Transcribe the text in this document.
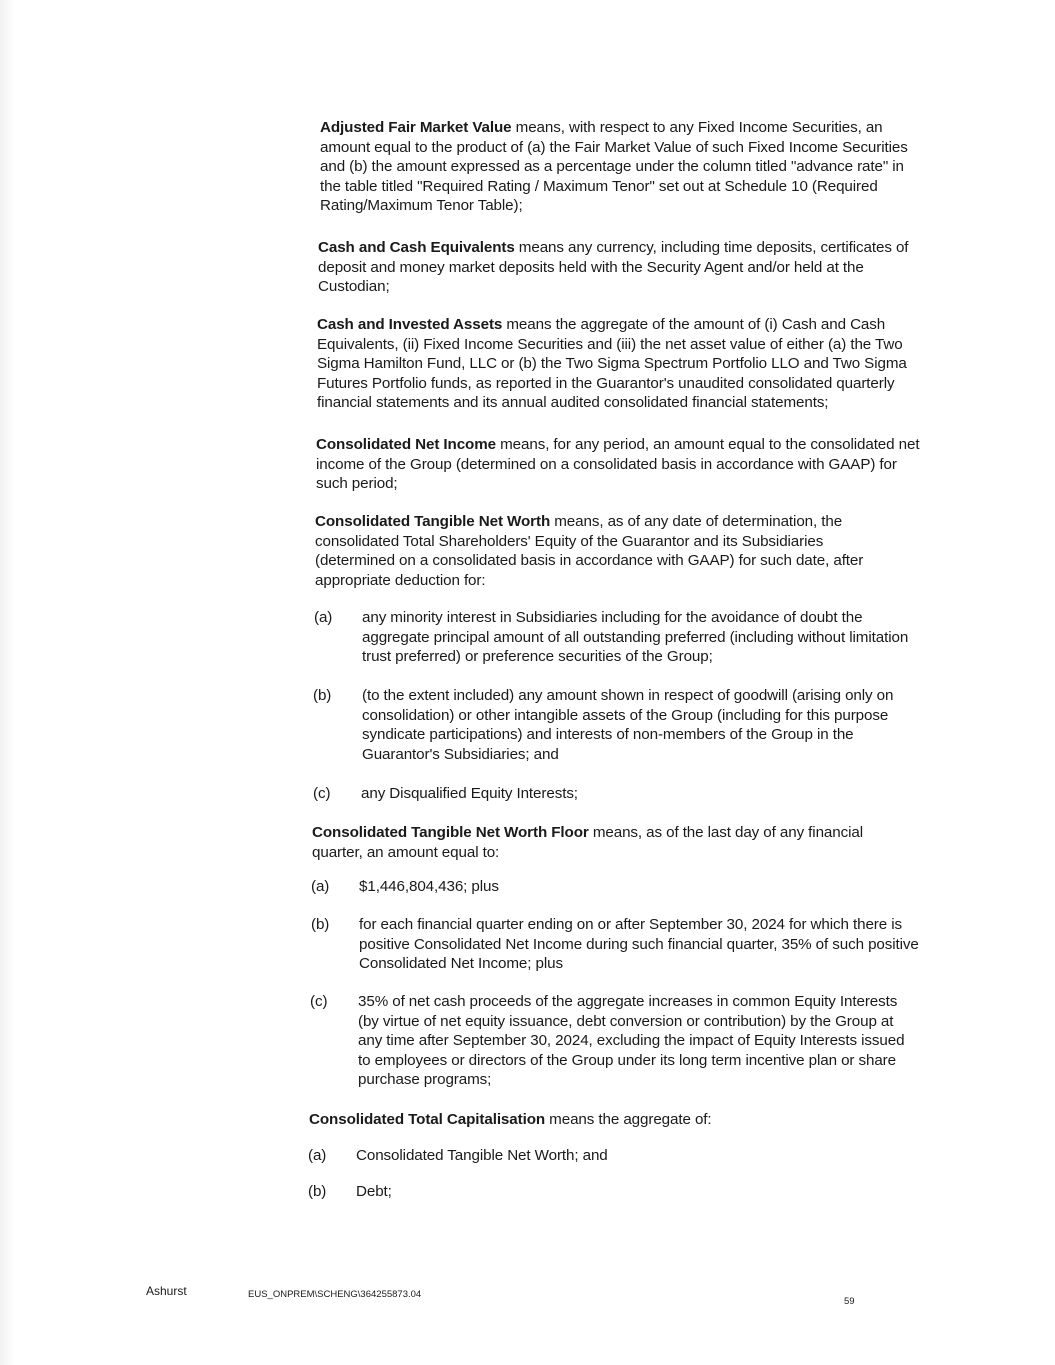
Adjusted Fair Market Value means, with respect to any Fixed Income Securities, an amount equal to the product of (a) the Fair Market Value of such Fixed Income Securities and (b) the amount expressed as a percentage under the column titled "advance rate" in the table titled "Required Rating / Maximum Tenor" set out at Schedule 10 (Required Rating/Maximum Tenor Table);
Cash and Cash Equivalents means any currency, including time deposits, certificates of deposit and money market deposits held with the Security Agent and/or held at the Custodian;
Cash and Invested Assets means the aggregate of the amount of (i) Cash and Cash Equivalents, (ii) Fixed Income Securities and (iii) the net asset value of either (a) the Two Sigma Hamilton Fund, LLC or (b) the Two Sigma Spectrum Portfolio LLO and Two Sigma Futures Portfolio funds, as reported in the Guarantor's unaudited consolidated quarterly financial statements and its annual audited consolidated financial statements;
Consolidated Net Income means, for any period, an amount equal to the consolidated net income of the Group (determined on a consolidated basis in accordance with GAAP) for such period;
Consolidated Tangible Net Worth means, as of any date of determination, the consolidated Total Shareholders' Equity of the Guarantor and its Subsidiaries (determined on a consolidated basis in accordance with GAAP) for such date, after appropriate deduction for:
(a) any minority interest in Subsidiaries including for the avoidance of doubt the aggregate principal amount of all outstanding preferred (including without limitation trust preferred) or preference securities of the Group;
(b) (to the extent included) any amount shown in respect of goodwill (arising only on consolidation) or other intangible assets of the Group (including for this purpose syndicate participations) and interests of non-members of the Group in the Guarantor's Subsidiaries; and
(c) any Disqualified Equity Interests;
Consolidated Tangible Net Worth Floor means, as of the last day of any financial quarter, an amount equal to:
(a) $1,446,804,436; plus
(b) for each financial quarter ending on or after September 30, 2024 for which there is positive Consolidated Net Income during such financial quarter, 35% of such positive Consolidated Net Income; plus
(c) 35% of net cash proceeds of the aggregate increases in common Equity Interests (by virtue of net equity issuance, debt conversion or contribution) by the Group at any time after September 30, 2024, excluding the impact of Equity Interests issued to employees or directors of the Group under its long term incentive plan or share purchase programs;
Consolidated Total Capitalisation means the aggregate of:
(a) Consolidated Tangible Net Worth; and
(b) Debt;
Ashurst	EUS_ONPREM\SCHENG\364255873.04
59
